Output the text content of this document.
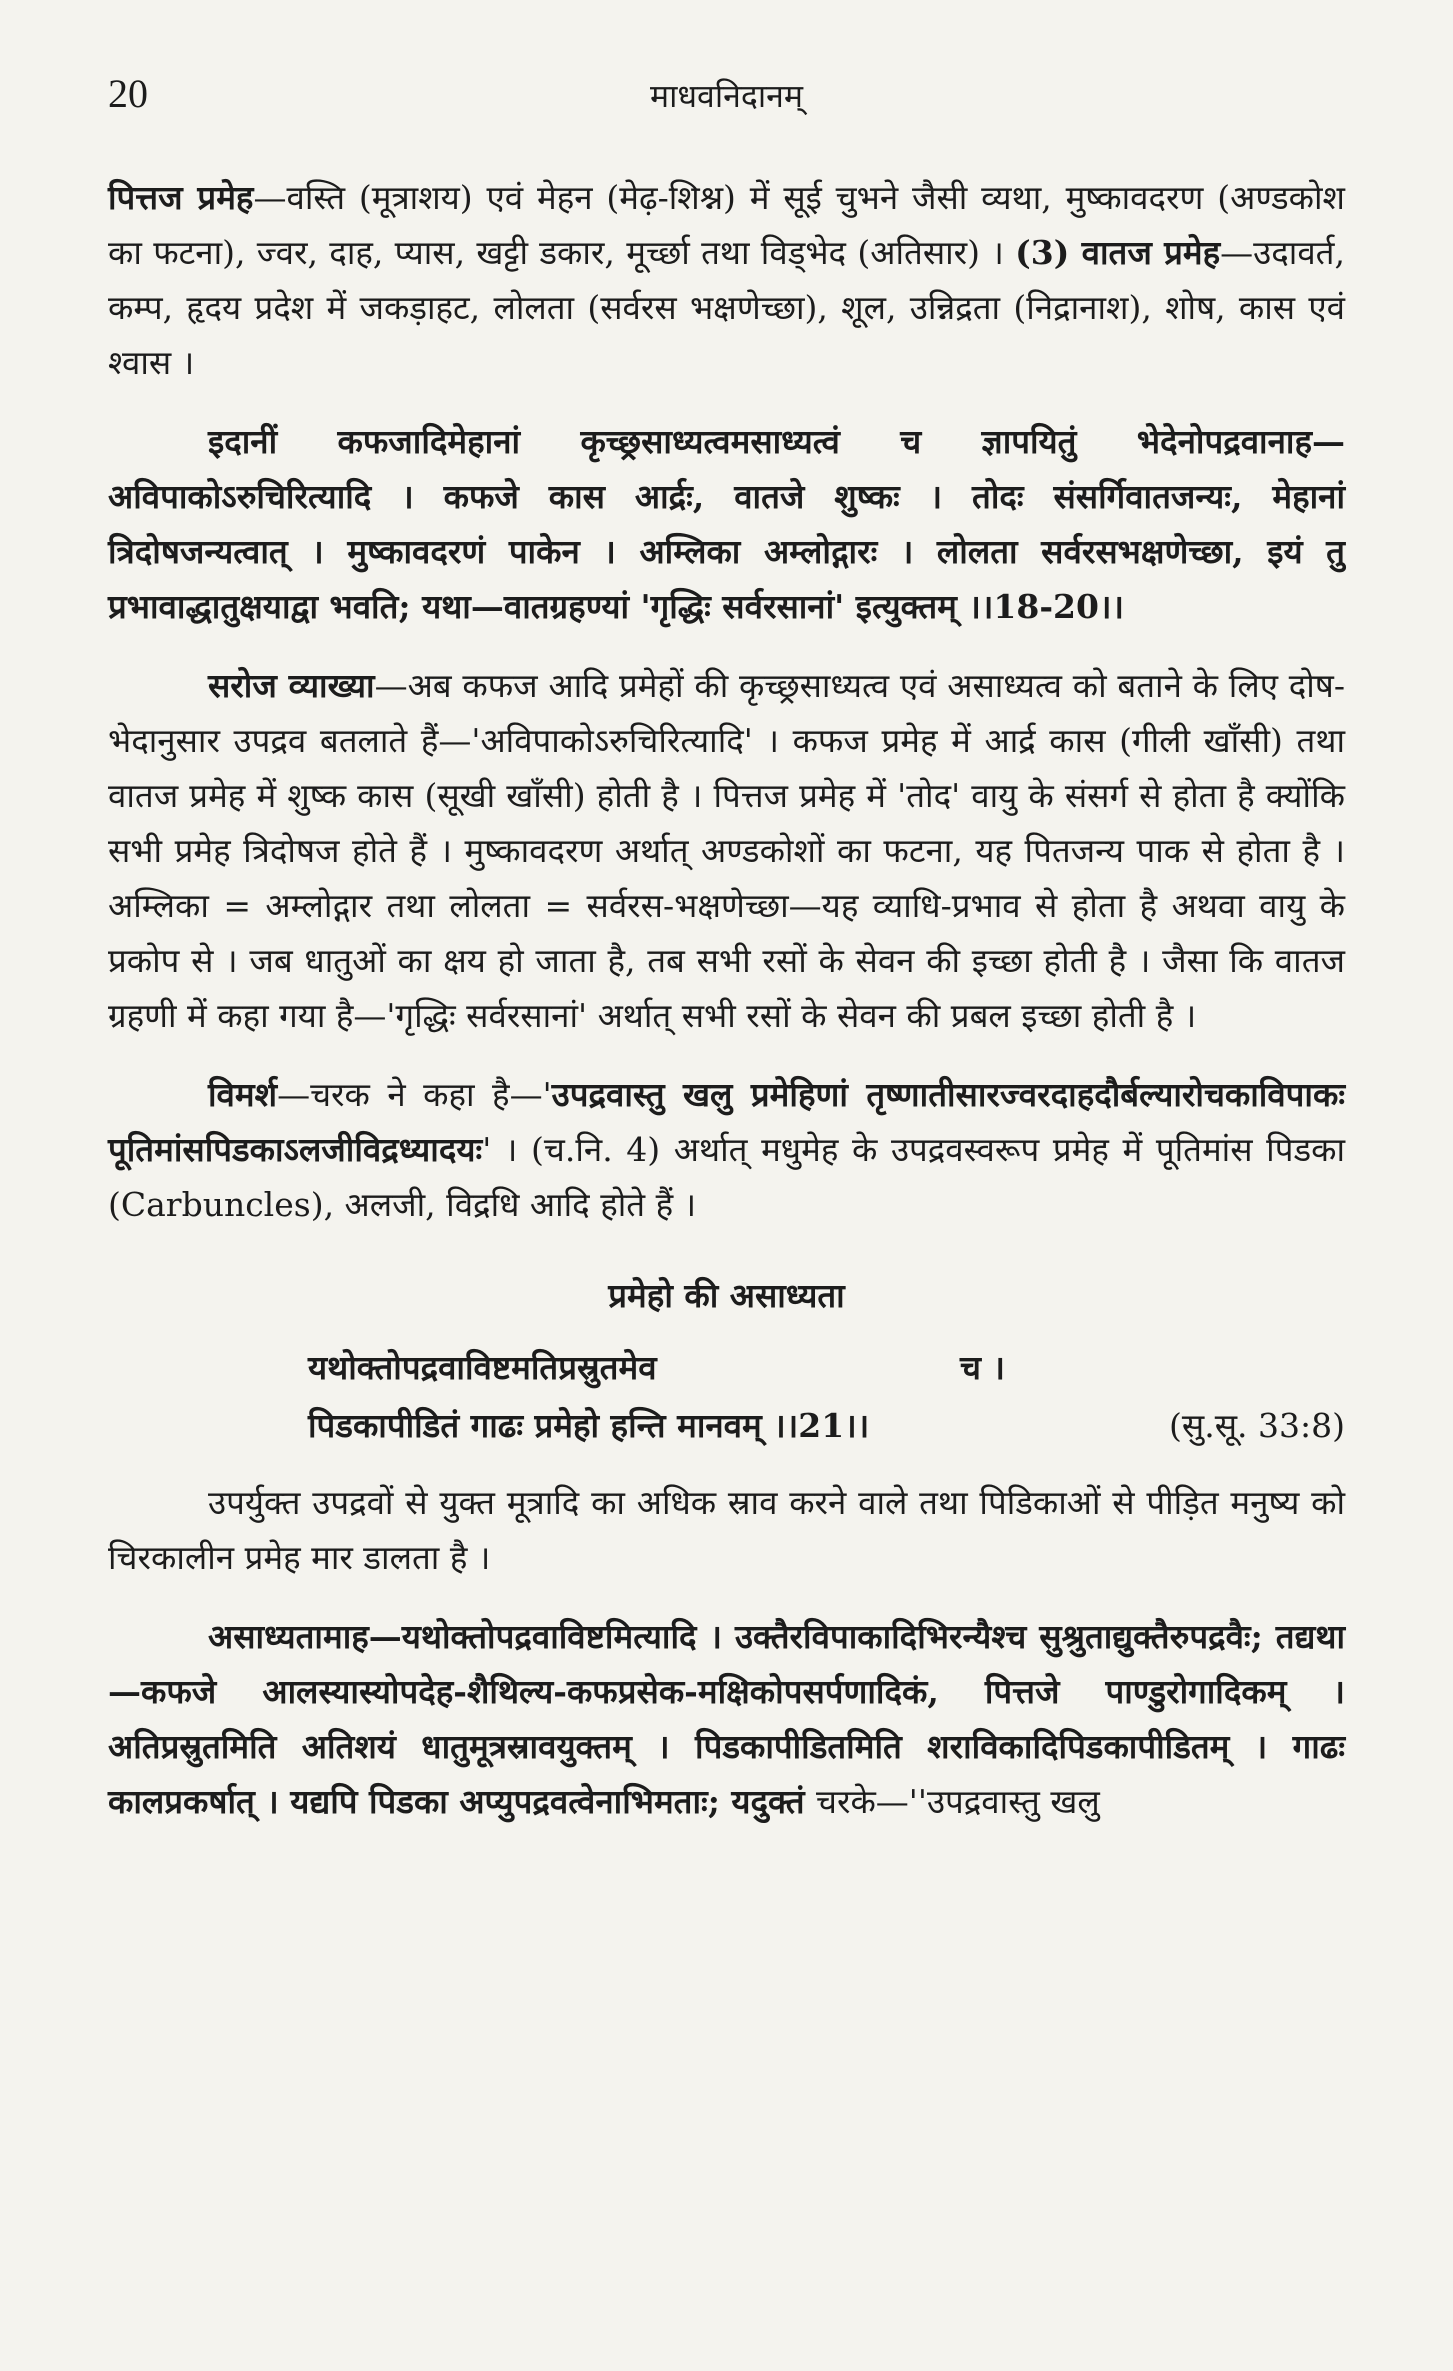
20	माधवनिदानम्

पित्तज प्रमेह—वस्ति (मूत्राशय) एवं मेहन (मेढ़-शिश्न) में सूई चुभने जैसी व्यथा, मुष्कावदरण (अण्डकोश का फटना), ज्वर, दाह, प्यास, खट्टी डकार, मूर्च्छा तथा विड्भेद (अतिसार) । (3) वातज प्रमेह—उदावर्त, कम्प, हृदय प्रदेश में जकड़ाहट, लोलता (सर्वरस भक्षणेच्छा), शूल, उन्निद्रता (निद्रानाश), शोष, कास एवं श्वास ।

इदानीं कफजादिमेहानां कृच्छ्रसाध्यत्वमसाध्यत्वं च ज्ञापयितुं भेदेनोपद्रवानाह—अविपाकोऽरुचिरित्यादि । कफजे कास आर्द्रः, वातजे शुष्कः । तोदः संसर्गिवातजन्यः, मेहानां त्रिदोषजन्यत्वात् । मुष्कावदरणं पाकेन । अम्लिका अम्लोद्गारः । लोलता सर्वरसभक्षणेच्छा, इयं तु प्रभावाद्धातुक्षयाद्वा भवति; यथा—वातग्रहण्यां 'गृद्धिः सर्वरसानां' इत्युक्तम् ।।18-20।।

सरोज व्याख्या—अब कफज आदि प्रमेहों की कृच्छ्रसाध्यत्व एवं असाध्यत्व को बताने के लिए दोष-भेदानुसार उपद्रव बतलाते हैं—'अविपाकोऽरुचिरित्यादि' । कफज प्रमेह में आर्द्र कास (गीली खाँसी) तथा वातज प्रमेह में शुष्क कास (सूखी खाँसी) होती है । पित्तज प्रमेह में 'तोद' वायु के संसर्ग से होता है क्योंकि सभी प्रमेह त्रिदोषज होते हैं । मुष्कावदरण अर्थात् अण्डकोशों का फटना, यह पितजन्य पाक से होता है । अम्लिका = अम्लोद्गार तथा लोलता = सर्वरस-भक्षणेच्छा—यह व्याधि-प्रभाव से होता है अथवा वायु के प्रकोप से । जब धातुओं का क्षय हो जाता है, तब सभी रसों के सेवन की इच्छा होती है । जैसा कि वातज ग्रहणी में कहा गया है—'गृद्धिः सर्वरसानां' अर्थात् सभी रसों के सेवन की प्रबल इच्छा होती है ।

विमर्श—चरक ने कहा है—'उपद्रवास्तु खलु प्रमेहिणां तृष्णातीसारज्वरदाहदौर्बल्यारोचकाविपाकः पूतिमांसपिडकाऽलजीविद्रध्यादयः' । (च.नि. 4) अर्थात् मधुमेह के उपद्रवस्वरूप प्रमेह में पूतिमांस पिडका (Carbuncles), अलजी, विद्रधि आदि होते हैं ।

प्रमेहो की असाध्यता
यथोक्तोपद्रवाविष्टमतिप्रस्रुतमेव	च ।
पिडकापीडितं गाढः प्रमेहो हन्ति मानवम् ।।21।।	(सु.सू. 33:8)

उपर्युक्त उपद्रवों से युक्त मूत्रादि का अधिक स्राव करने वाले तथा पिडिकाओं से पीड़ित मनुष्य को चिरकालीन प्रमेह मार डालता है ।

असाध्यतामाह—यथोक्तोपद्रवाविष्टमित्यादि । उक्तैरविपाकादिभिरन्यैश्च सुश्रुताद्युक्तैरुपद्रवैः; तद्यथा—कफजे आलस्यास्योपदेह-शैथिल्य-कफप्रसेक-मक्षिकोपसर्पणादिकं, पित्तजे पाण्डुरोगादिकम् । अतिप्रस्रुतमिति अतिशयं धातुमूत्रस्रावयुक्तम् । पिडकापीडितमिति शराविकादिपिडकापीडितम् । गाढः कालप्रकर्षात् । यद्यपि पिडका अप्युपद्रवत्वेनाभिमताः; यदुक्तं चरके—''उपद्रवास्तु खलु
